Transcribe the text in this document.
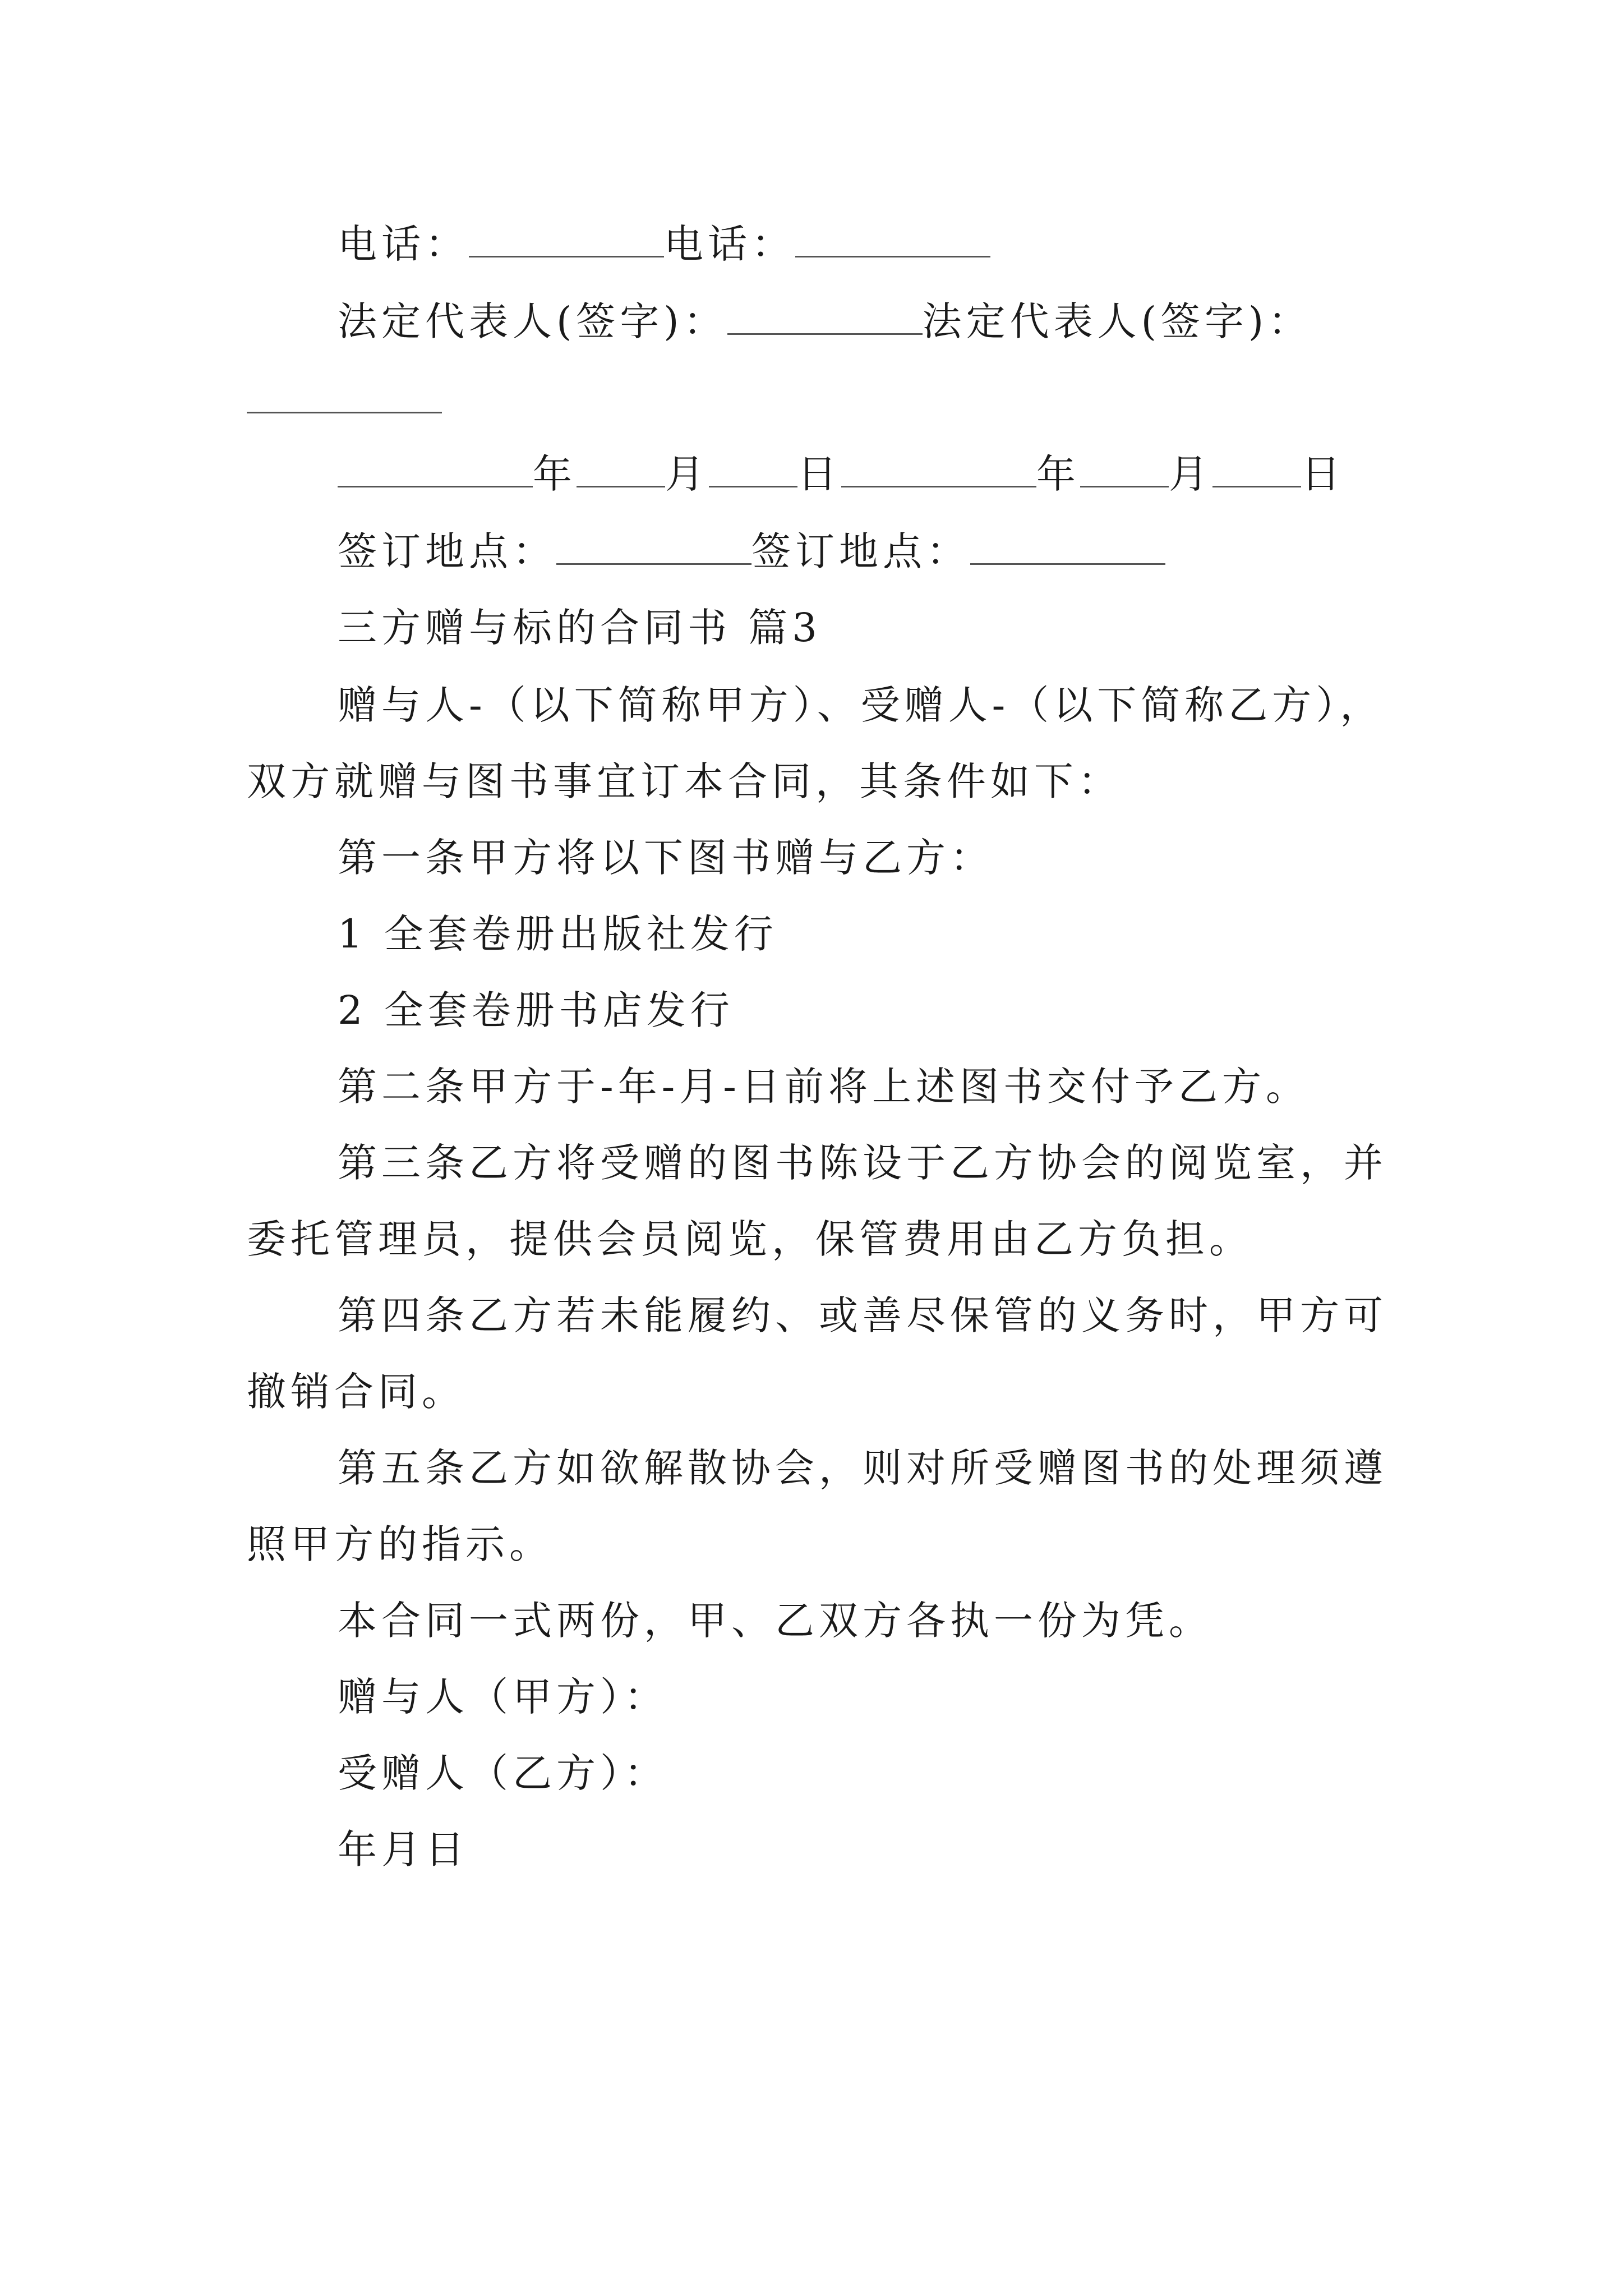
电话：	电话：
法定代表人(签字)：	法定代表人(签字)：
年 月 日	年 月 日
签订地点：	签订地点：
三方赠与标的合同书 篇3
赠与人-（以下简称甲方）、受赠人-（以下简称乙方），
双方就赠与图书事宜订本合同，其条件如下：
第一条甲方将以下图书赠与乙方：
1 全套卷册出版社发行
2 全套卷册书店发行
第二条甲方于-年-月-日前将上述图书交付予乙方。
第三条乙方将受赠的图书陈设于乙方协会的阅览室，并
委托管理员，提供会员阅览，保管费用由乙方负担。
第四条乙方若未能履约、或善尽保管的义务时，甲方可
撤销合同。
第五条乙方如欲解散协会，则对所受赠图书的处理须遵
照甲方的指示。
本合同一式两份，甲、乙双方各执一份为凭。
赠与人（甲方）：
受赠人（乙方）：
年月日
